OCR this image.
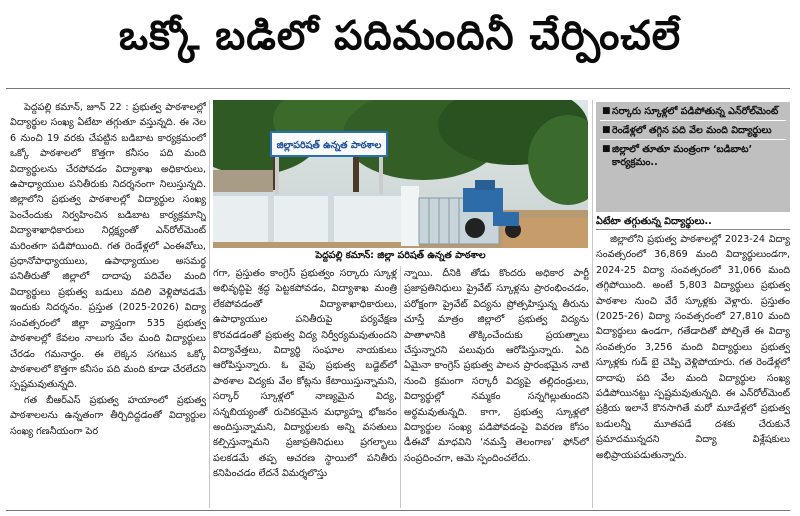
ఒక్కో బడిలో పదిమందినీ చేర్పించలే

పెద్దపల్లి కమాన్‌, జూన్ 22 : ప్రభుత్వ పాఠశాలల్లో విద్యార్థుల సంఖ్య ఏటేటా తగ్గుతూ వస్తున్నది. ఈ నెల 6 నుంచి 19 వరకు చేపట్టిన బడిబాట కార్యక్రమంలో ఒక్కో పాఠశాలలో కొత్తగా కనీసం పది మంది విద్యార్థులను చేరపోవడం విద్యాశాఖ అధికారులు, ఉపాధ్యాయుల పనితీరుకు నిదర్శనంగా నిలుస్తున్నది. జిల్లాలోని ప్రభుత్వ పాఠశాలల్లో విద్యార్థుల సంఖ్య పెంచేందుకు నిర్వహించిన బడిబాట కార్యక్రమాన్ని విద్యాశాఖాధికారులు నిర్లక్ష్యంతో ఎన్‌రోల్‌మెంట్ మరింతగా పడిపోయింది. గత రెండేళ్లలో ఎంఈవోలు, ప్రధానోపాధ్యాయులు, ఉపాధ్యాయుల అసమర్థ పనితీరుతో జిల్లాలో దాదాపు పదివేల మంది విద్యార్థులు ప్రభుత్వ బడులు వదిలి వెళ్లిపోవడమే ఇందుకు నిదర్శనం. ప్రస్తుత (2025-2026) విద్యా సంవత్సరంలో జిల్లా వ్యాప్తంగా 535 ప్రభుత్వ పాఠశాలల్లో కేవలం నాలుగు వేల మంది విద్యార్థులు చేరడం గమనార్హం. ఈ లెక్కన సగటున ఒక్కో పాఠశాలలో కొత్తగా కనీసం పది మంది కూడా చేరలేదని స్పష్టమవుతున్నది.

గత బీఆర్ఎస్ ప్రభుత్వ హయాంలో ప్రభుత్వ పాఠశాలలను ఉన్నతంగా తీర్చిదిద్దడంతో విద్యార్థుల సంఖ్య గణనీయంగా పెర

జిల్లాపరిషత్ ఉన్నత పాఠశాల
పెద్దపల్లి కమాన్‌: జిల్లా పరిషత్ ఉన్నత పాఠశాల

గగా, ప్రస్తుతం కాంగ్రెస్ ప్రభుత్వం సర్కారు స్కూళ్ల అభివృద్ధిపై శ్రద్ధ పెట్టకపోవడం, విద్యాశాఖ మంత్రి లేకపోవడంతో విద్యాశాఖాధికారులు, ఉపాధ్యాయుల పనితీరుపై పర్యవేక్షణ కొరవడడంతో ప్రభుత్వ విద్య నిర్వీర్యమవుతుందని విద్యావేత్తలు, విద్యార్థి సంఘాల నాయకులు ఆరోపిస్తున్నారు. ఓ వైపు ప్రభుత్వ బడ్జెట్‌లో పాఠశాల విద్యకు వేల కోట్లను కేటాయిస్తున్నామని, సర్కార్ స్కూళ్లలో నాణ్యమైన విద్య, సన్నబియ్యంతో రుచికరమైన మధ్యాహ్న భోజనం అందిస్తున్నామని, విద్యార్థులకు అన్ని వసతులు కల్పిస్తున్నామని ప్రజాప్రతినిధులు ప్రగల్భాలు పలకడమే తప్ప ఆచరణ స్థాయిలో పనితీరు కనిపించడం లేదనే విమర్శలొస్తు

న్నాయి. దీనికి తోడు కొందరు అధికార పార్టీ ప్రజాప్రతినిధులు ప్రైవేట్ స్కూళ్లను ప్రారంభించడం, పరోక్షంగా ప్రైవేట్ విద్యను ప్రోత్సహిస్తున్న తీరును చూస్తే మాత్రం జిల్లాలో ప్రభుత్వ విద్యను పాతాళానికి తొక్కించేందుకు ప్రయత్నాలు చేస్తున్నారని పలువురు ఆరోపిస్తున్నారు. ఏది ఏమైనా కాంగ్రెస్ ప్రభుత్వ పాలన ప్రారంభమైన నాటి నుంచి క్రమంగా సర్కారీ విద్యపై తల్లిదండ్రులు, విద్యార్థుల్లో నమ్మకం సన్నగిల్లుతుందని అర్థమవుతున్నది. కాగా, ప్రభుత్వ స్కూళ్లలో విద్యార్థుల సంఖ్య పడిపోవడంపై వివరణ కోసం డీఈవో మాధవిని ‘నమస్తే తెలంగాణ’ ఫోన్‌లో సంప్రదించగా, ఆమె స్పందించలేదు.

■ సర్కారు స్కూళ్లలో పడిపోతున్న ఎన్‌రోల్‌మెంట్
■ రెండేళ్లలో తగ్గిన పది వేల మంది విద్యార్థులు
■ జిల్లాలో తూతూ మంత్రంగా ‘బడిబాట’ కార్యక్రమం..
ఏటేటా తగ్గుతున్న విద్యార్థులు..

జిల్లాలోని ప్రభుత్వ పాఠశాలల్లో 2023-24 విద్యా సంవత్సరంలో 36,869 మంది విద్యార్థులుండగా, 2024-25 విద్యా సంవత్సరంలో 31,066 మంది తగ్గిపోయింది. అంటే 5,803 విద్యార్థులు ప్రభుత్వ పాఠశాల నుంచి వేరే స్కూళ్లకు వెళ్లారు. ప్రస్తుతం (2025-26) విద్యా సంవత్సరంలో 27,810 మంది విద్యార్థులు ఉండగా, గతేడాదితో పోల్చితే ఈ విద్యా సంవత్సరం 3,256 మంది విద్యార్థులు ప్రభుత్వ స్కూళ్లకు గుడ్ బై చెప్పి వెళ్లిపోయారు. గత రెండేళ్లలో దాదాపు పది వేల మంది విద్యార్థుల సంఖ్య పడిపోయినట్టు స్పష్టమవుతున్నది. ఈ ఎన్‌రోల్‌మెంట్ ప్రక్రియ ఇలానే కొనసాగితే మరో మూడేళ్లలో ప్రభుత్వ బడులన్నీ మూతపడే దశకు చేరుకునే ప్రమాదమున్నదని విద్యా విశ్లేషకులు అభిప్రాయపడుతున్నారు.
